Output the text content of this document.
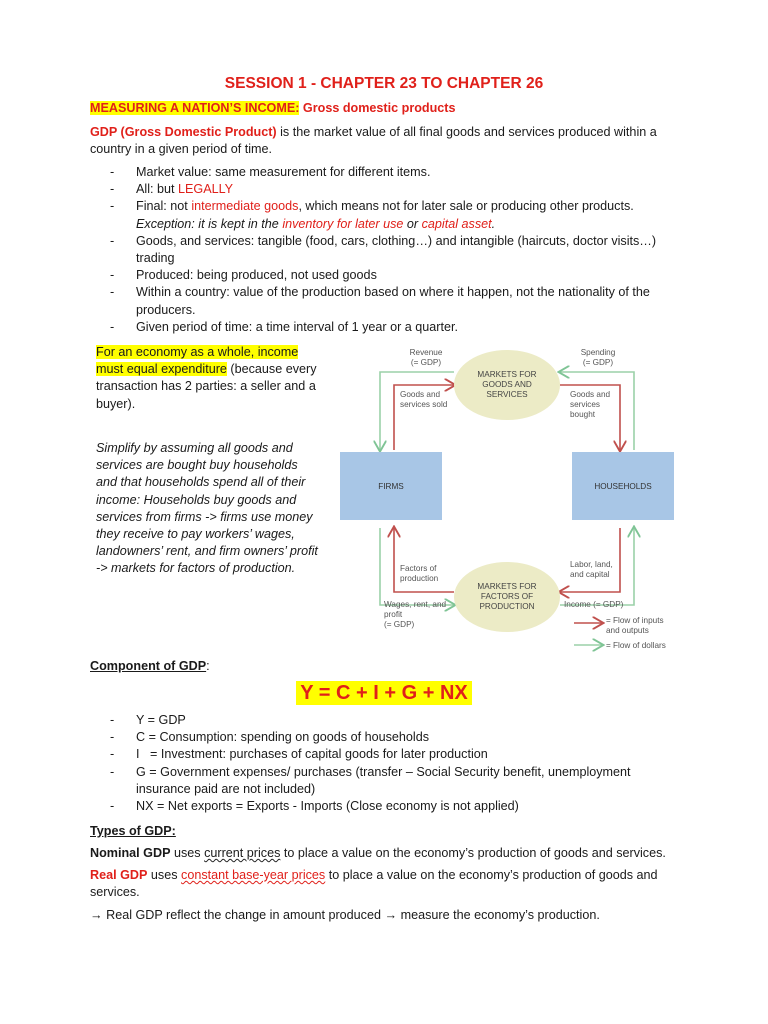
SESSION 1 - CHAPTER 23 TO CHAPTER 26
MEASURING A NATION’S INCOME: Gross domestic products
GDP (Gross Domestic Product) is the market value of all final goods and services produced within a country in a given period of time.
- Market value: same measurement for different items.
- All: but LEGALLY
- Final: not intermediate goods, which means not for later sale or producing other products.
Exception: it is kept in the inventory for later use or capital asset.
- Goods, and services: tangible (food, cars, clothing…) and intangible (haircuts, doctor visits…) trading
- Produced: being produced, not used goods
- Within a country: value of the production based on where it happen, not the nationality of the producers.
- Given period of time: a time interval of 1 year or a quarter.
For an economy as a whole, income must equal expenditure (because every transaction has 2 parties: a seller and a buyer).
Simplify by assuming all goods and services are bought buy households and that households spend all of their income: Households buy goods and services from firms -> firms use money they receive to pay workers’ wages, landowners’ rent, and firm owners’ profit -> markets for factors of production.
Revenue
(= GDP)
Spending
(= GDP)
MARKETS FOR GOODS AND SERVICES
Goods and services sold
Goods and services bought
FIRMS	HOUSEHOLDS
Factors of production
Labor, land, and capital
MARKETS FOR FACTORS OF PRODUCTION
Wages, rent, and profit
(= GDP)
Income (= GDP)
= Flow of inputs and outputs
= Flow of dollars
Component of GDP:
Y = C + I + G + NX
- Y = GDP
- C = Consumption: spending on goods of households
- I   = Investment: purchases of capital goods for later production
- G = Government expenses/ purchases (transfer – Social Security benefit, unemployment insurance paid are not included)
- NX = Net exports = Exports - Imports (Close economy is not applied)
Types of GDP:
Nominal GDP uses current prices to place a value on the economy’s production of goods and services.
Real GDP uses constant base-year prices to place a value on the economy’s production of goods and services.
→ Real GDP reflect the change in amount produced → measure the economy’s production.
